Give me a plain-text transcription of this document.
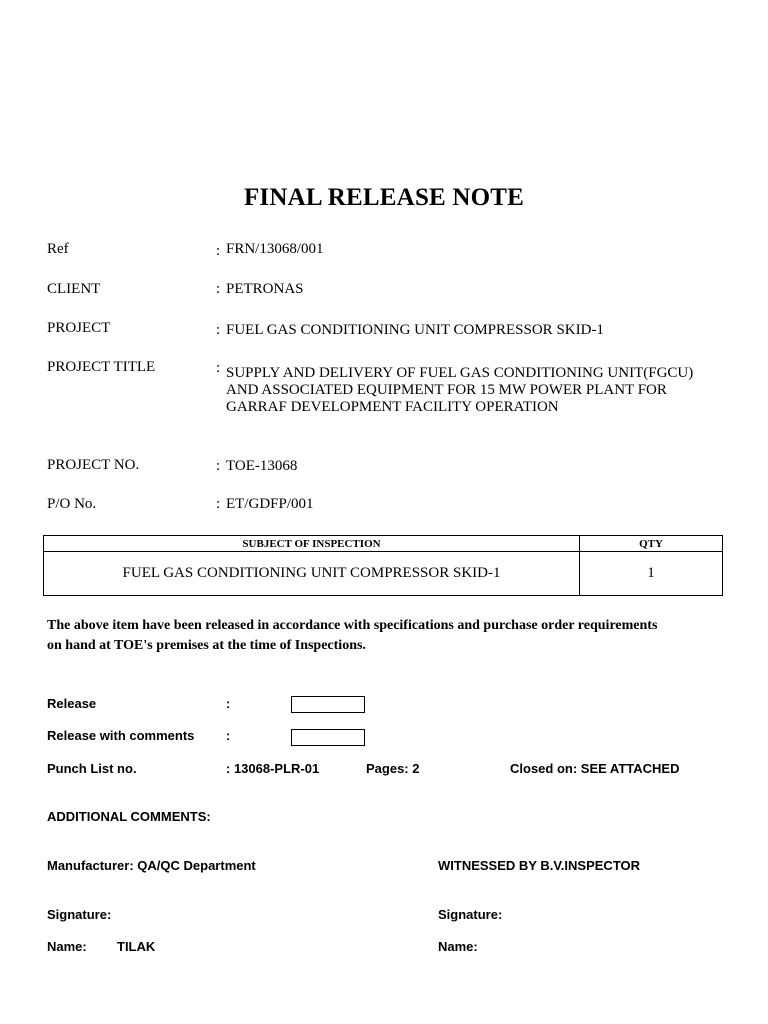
FINAL RELEASE NOTE
Ref	: FRN/13068/001
CLIENT	: PETRONAS
PROJECT	: FUEL GAS CONDITIONING UNIT COMPRESSOR SKID-1
PROJECT TITLE	: SUPPLY AND DELIVERY OF FUEL GAS CONDITIONING UNIT(FGCU) AND ASSOCIATED EQUIPMENT FOR 15 MW POWER PLANT FOR GARRAF DEVELOPMENT FACILITY OPERATION
PROJECT NO.	: TOE-13068
P/O No.	: ET/GDFP/001
SUBJECT OF INSPECTION	QTY
FUEL GAS CONDITIONING UNIT COMPRESSOR SKID-1	1
The above item have been released in accordance with specifications and purchase order requirements on hand at TOE's premises at the time of Inspections.
Release	:
Release with comments :
Punch List no.	: 13068-PLR-01	Pages: 2	Closed on: SEE ATTACHED
ADDITIONAL COMMENTS:
Manufacturer: QA/QC Department	WITNESSED BY B.V.INSPECTOR
Signature:	Signature:
Name: TILAK	Name:
